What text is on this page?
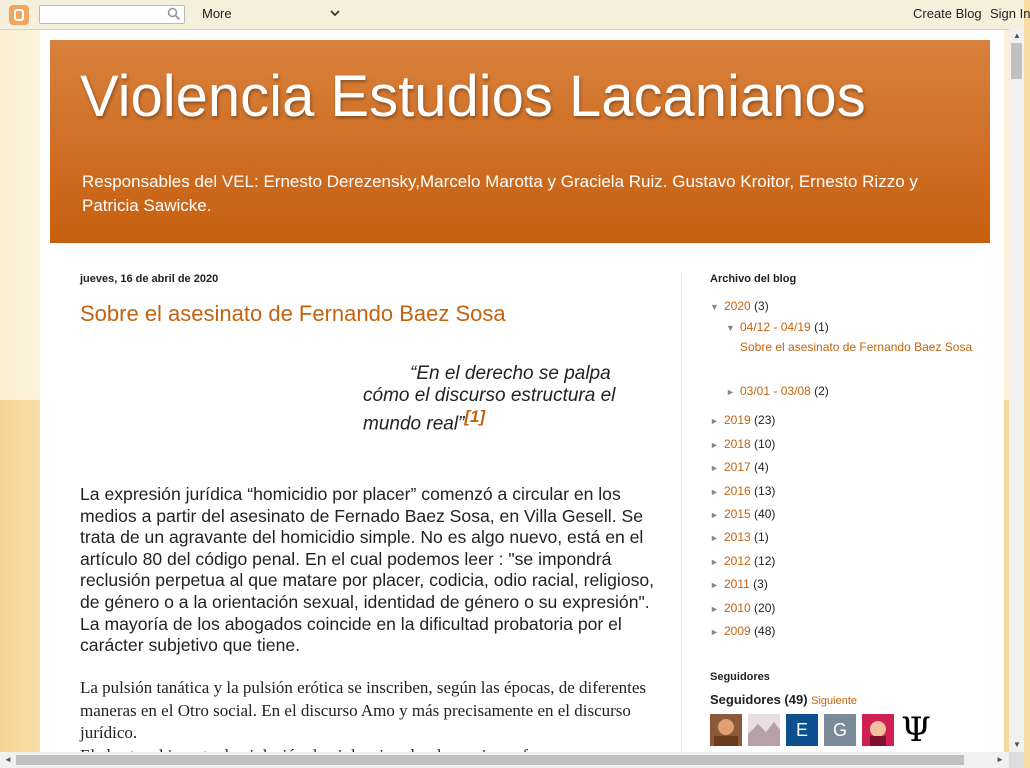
More	Create Blog Sign In
Violencia Estudios Lacanianos
Responsables del VEL: Ernesto Derezensky,Marcelo Marotta y Graciela Ruiz. Gustavo Kroitor, Ernesto Rizzo y Patricia Sawicke.
jueves, 16 de abril de 2020
Sobre el asesinato de Fernando Baez Sosa
“En el derecho se palpa cómo el discurso estructura el mundo real”[1]

La expresión jurídica “homicidio por placer” comenzó a circular en los medios a partir del asesinato de Fernado Baez Sosa, en Villa Gesell. Se trata de un agravante del homicidio simple. No es algo nuevo, está en el artículo 80 del código penal. En el cual podemos leer : "se impondrá reclusión perpetua al que matare por placer, codicia, odio racial, religioso, de género o a la orientación sexual, identidad de género o su expresión". La mayoría de los abogados coincide en la dificultad probatoria por el carácter subjetivo que tiene.

La pulsión tanática y la pulsión erótica se inscriben, según las épocas, de diferentes maneras en el Otro social. En el discurso Amo y más precisamente en el discurso jurídico.

Archivo del blog
▼ 2020 (3)
▼ 04/12 - 04/19 (1)
Sobre el asesinato de Fernando Baez Sosa
► 03/01 - 03/08 (2)
► 2019 (23)
► 2018 (10)
► 2017 (4)
► 2016 (13)
► 2015 (40)
► 2013 (1)
► 2012 (12)
► 2011 (3)
► 2010 (20)
► 2009 (48)
Seguidores
Seguidores (49) Siguiente
E	G Ψ
▲
▼
◄	►
